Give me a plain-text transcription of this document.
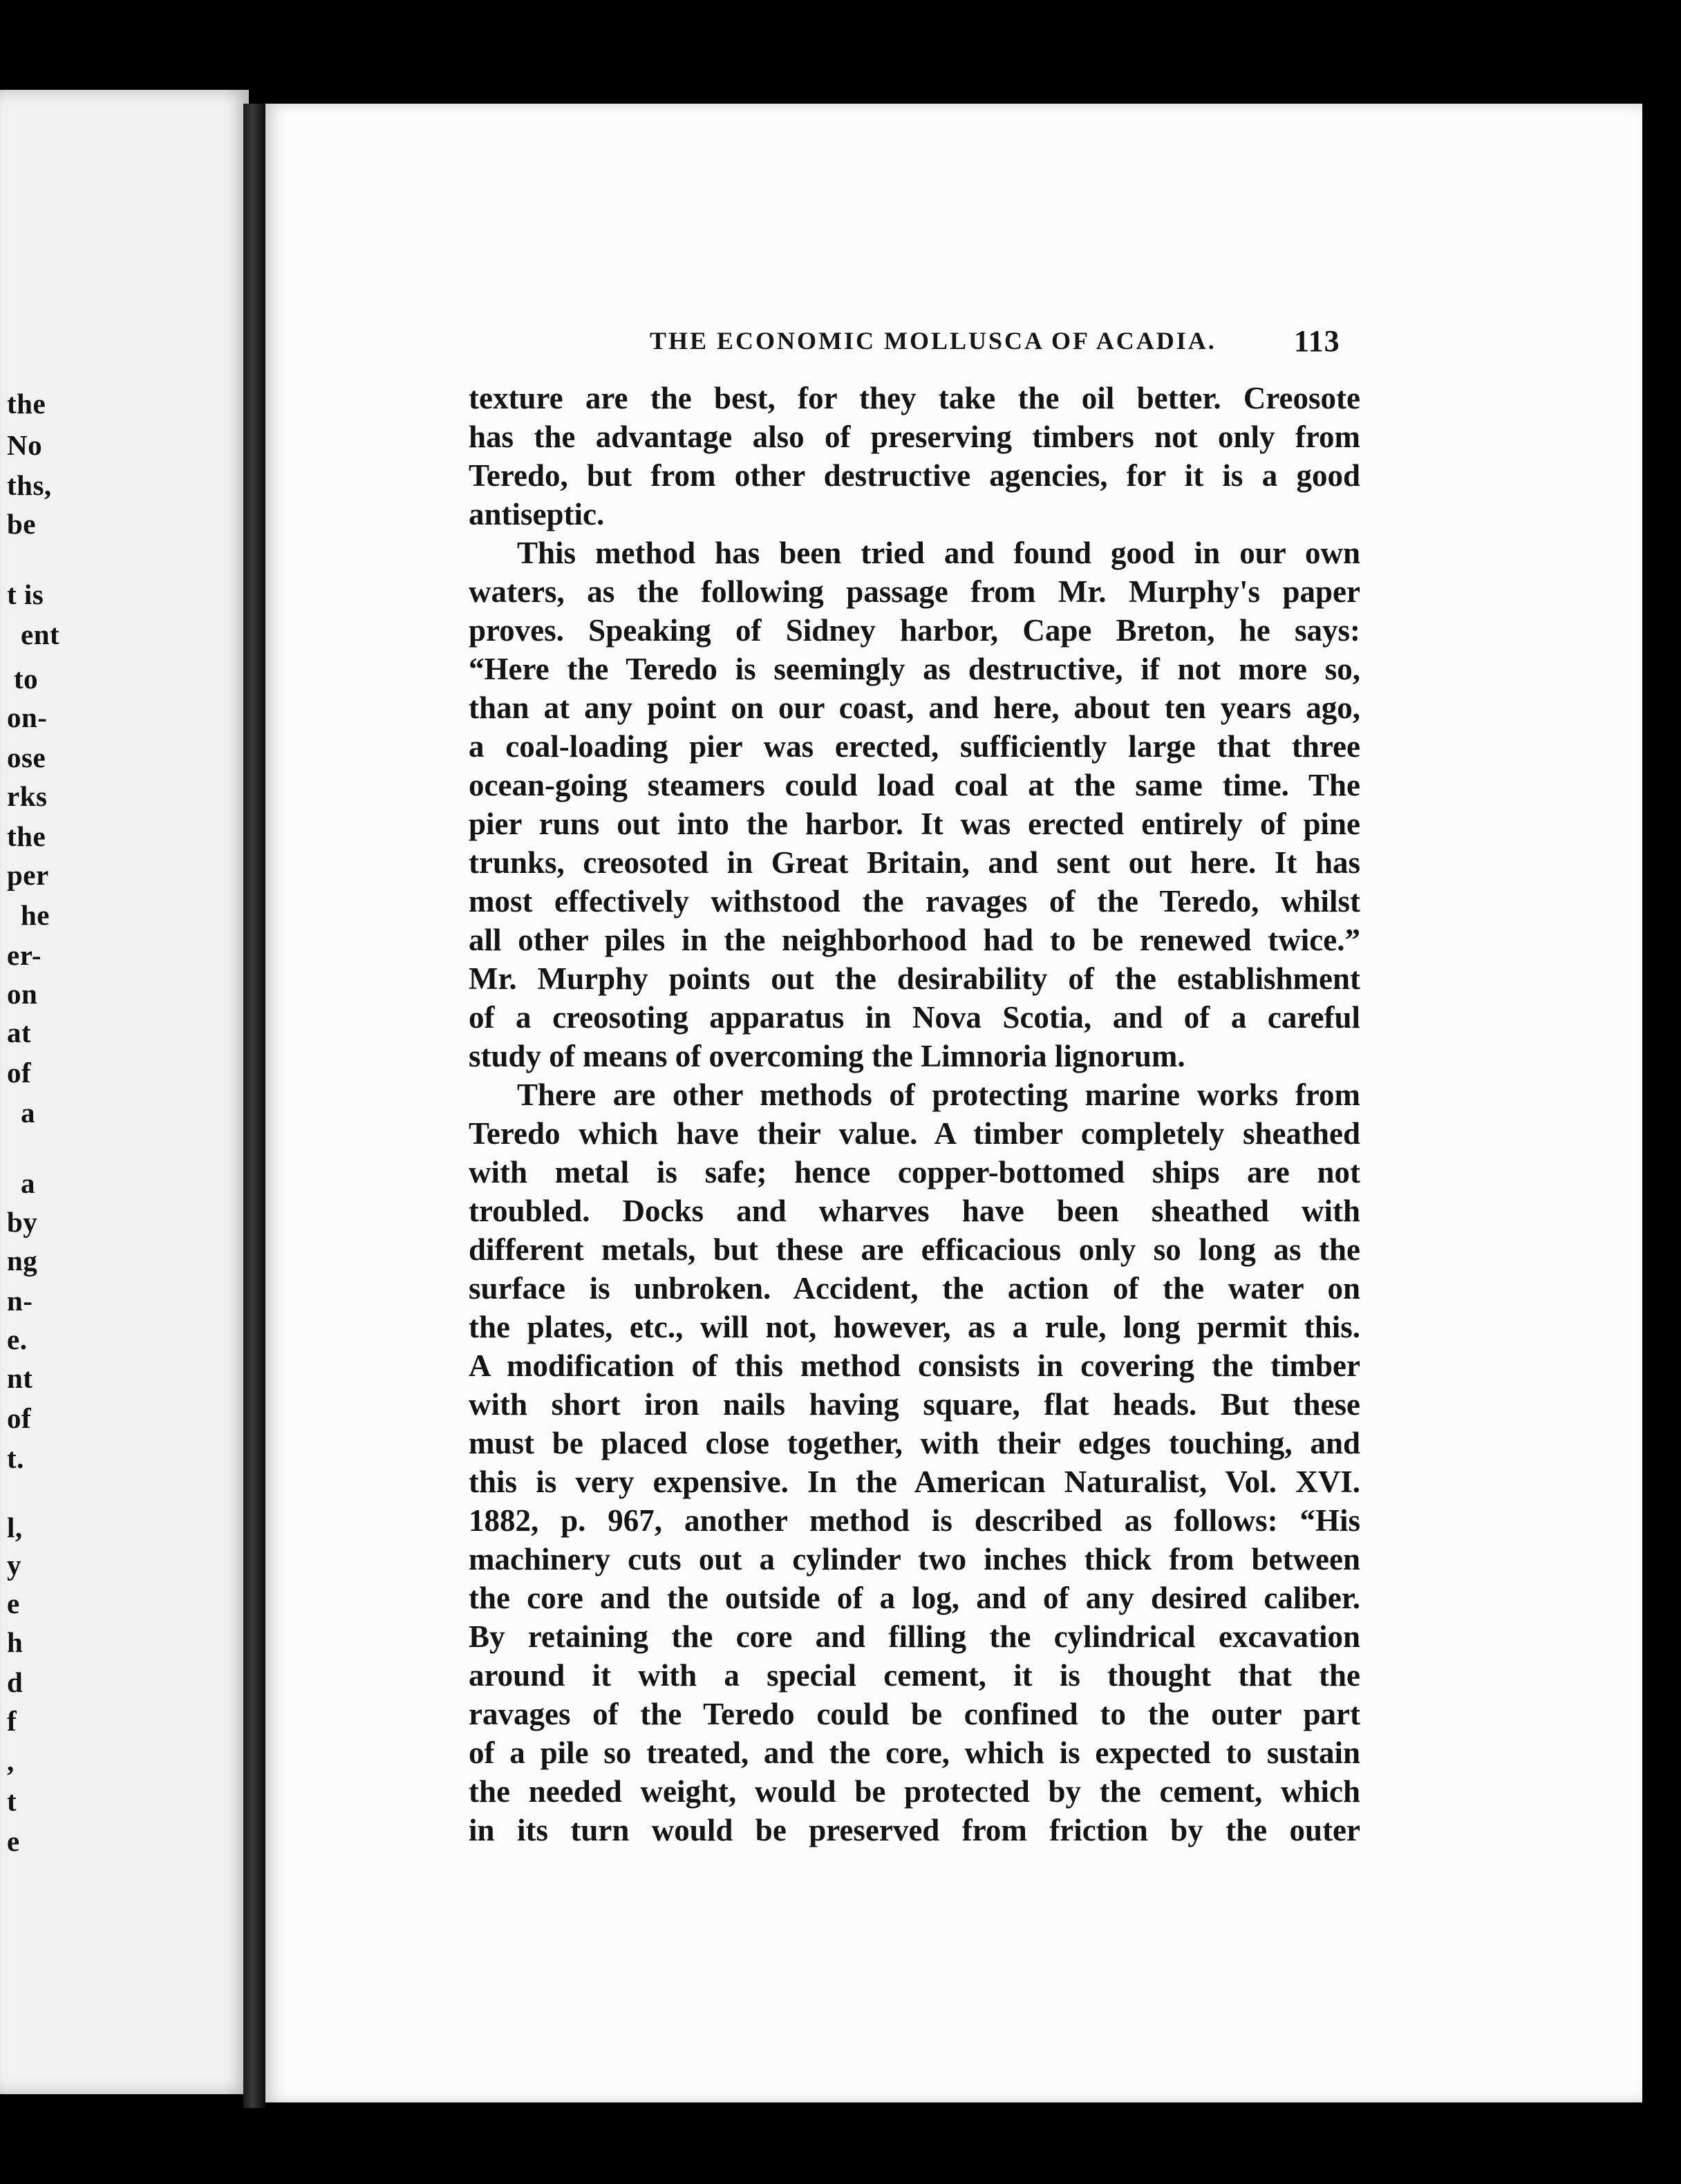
the
No
ths,
be
t is
ent
to
on-
ose
rks
the
per
he
er-
on
at
of
a
a
by
ng
n-
e.
nt
of
t.
l,
y
e
h
d
f
,
t
e
THE ECONOMIC MOLLUSCA OF ACADIA.	113
texture are the best, for they take the oil better. Creosote
has the advantage also of preserving timbers not only from
Teredo, but from other destructive agencies, for it is a good
antiseptic.
This method has been tried and found good in our own
waters, as the following passage from Mr. Murphy's paper
proves. Speaking of Sidney harbor, Cape Breton, he says:
“Here the Teredo is seemingly as destructive, if not more so,
than at any point on our coast, and here, about ten years ago,
a coal-loading pier was erected, sufficiently large that three
ocean-going steamers could load coal at the same time. The
pier runs out into the harbor. It was erected entirely of pine
trunks, creosoted in Great Britain, and sent out here. It has
most effectively withstood the ravages of the Teredo, whilst
all other piles in the neighborhood had to be renewed twice.”
Mr. Murphy points out the desirability of the establishment
of a creosoting apparatus in Nova Scotia, and of a careful
study of means of overcoming the Limnoria lignorum.
There are other methods of protecting marine works from
Teredo which have their value. A timber completely sheathed
with metal is safe; hence copper-bottomed ships are not
troubled. Docks and wharves have been sheathed with
different metals, but these are efficacious only so long as the
surface is unbroken. Accident, the action of the water on
the plates, etc., will not, however, as a rule, long permit this.
A modification of this method consists in covering the timber
with short iron nails having square, flat heads. But these
must be placed close together, with their edges touching, and
this is very expensive. In the American Naturalist, Vol. XVI.
1882, p. 967, another method is described as follows: “His
machinery cuts out a cylinder two inches thick from between
the core and the outside of a log, and of any desired caliber.
By retaining the core and filling the cylindrical excavation
around it with a special cement, it is thought that the
ravages of the Teredo could be confined to the outer part
of a pile so treated, and the core, which is expected to sustain
the needed weight, would be protected by the cement, which
in its turn would be preserved from friction by the outer
